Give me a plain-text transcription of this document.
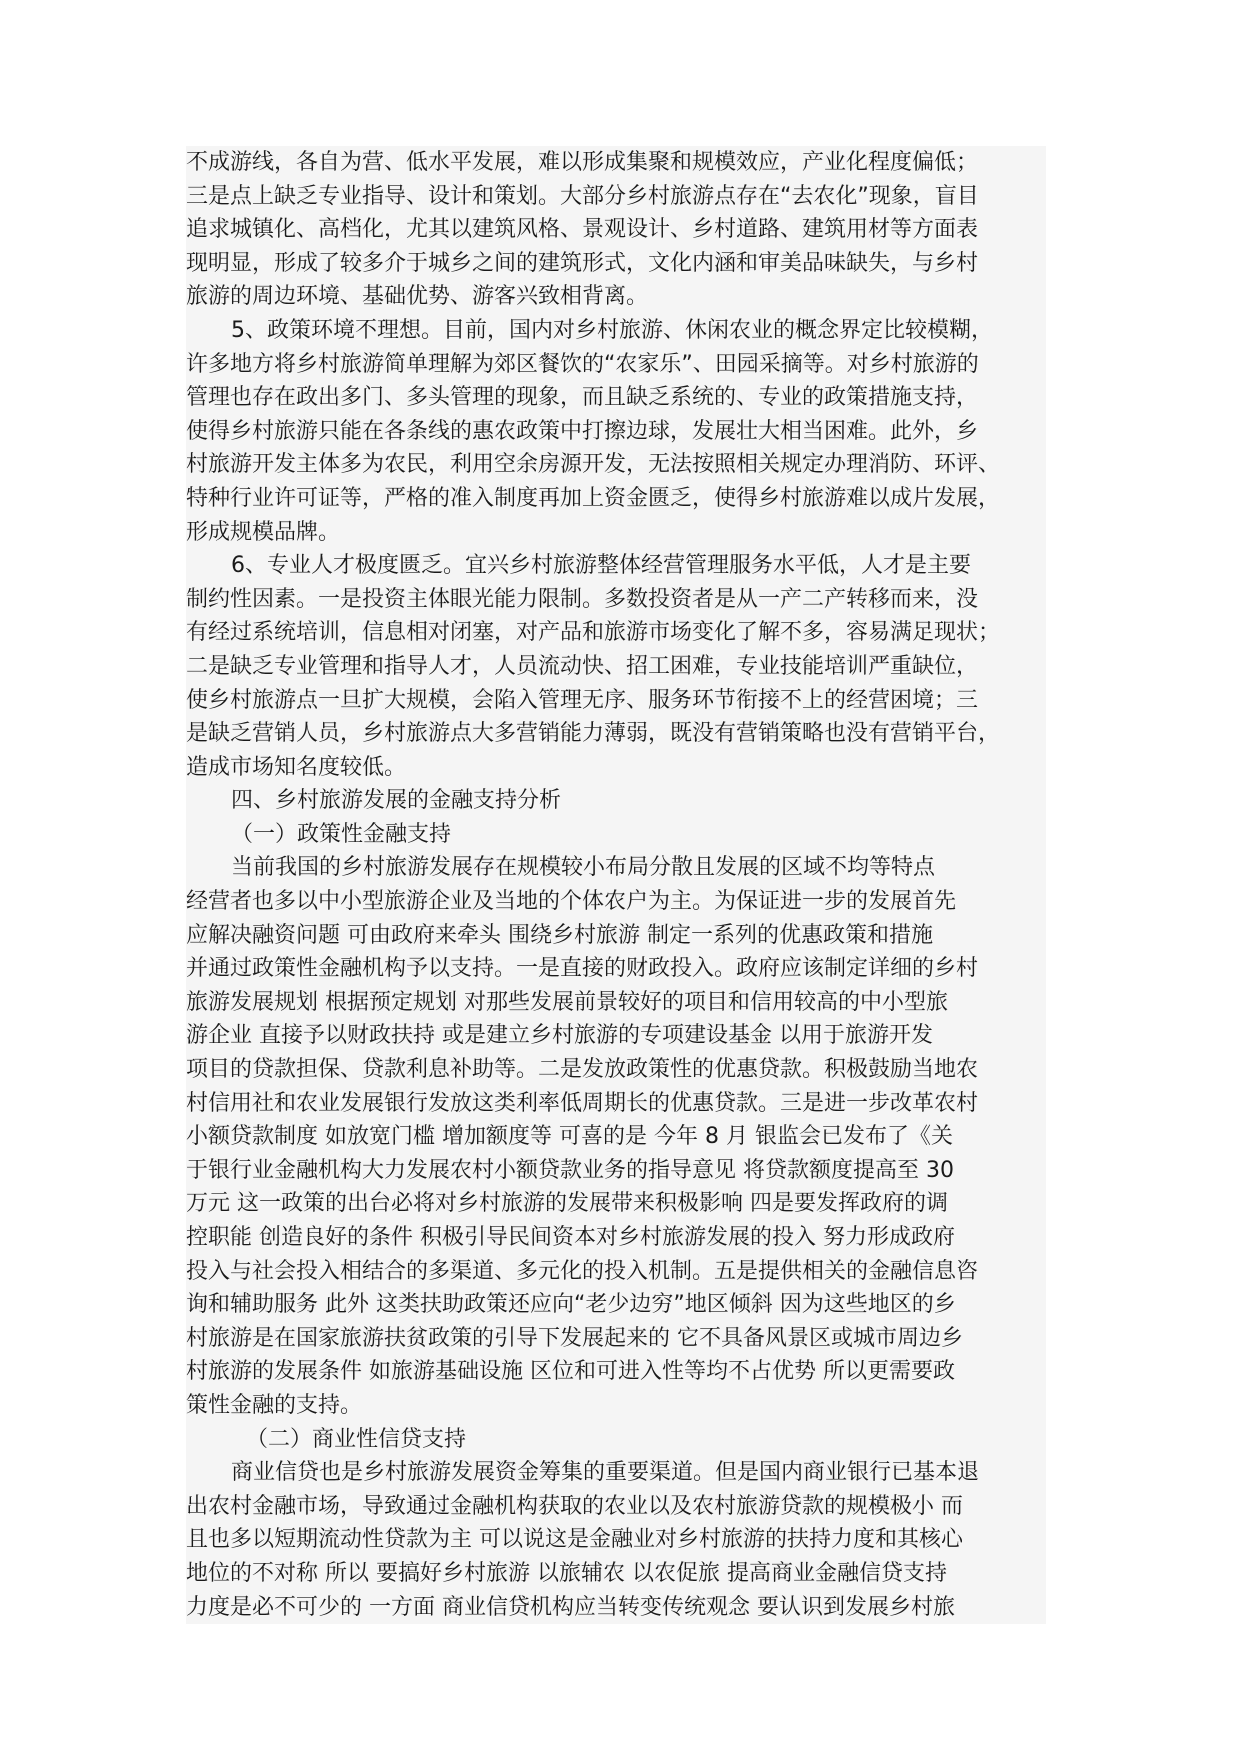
不成游线，各自为营、低水平发展，难以形成集聚和规模效应，产业化程度偏低；
三是点上缺乏专业指导、设计和策划。大部分乡村旅游点存在“去农化”现象，盲目
追求城镇化、高档化，尤其以建筑风格、景观设计、乡村道路、建筑用材等方面表
现明显，形成了较多介于城乡之间的建筑形式，文化内涵和审美品味缺失，与乡村
旅游的周边环境、基础优势、游客兴致相背离。
5、政策环境不理想。目前，国内对乡村旅游、休闲农业的概念界定比较模糊，
许多地方将乡村旅游简单理解为郊区餐饮的“农家乐”、田园采摘等。对乡村旅游的
管理也存在政出多门、多头管理的现象，而且缺乏系统的、专业的政策措施支持，
使得乡村旅游只能在各条线的惠农政策中打擦边球，发展壮大相当困难。此外，乡
村旅游开发主体多为农民，利用空余房源开发，无法按照相关规定办理消防、环评、
特种行业许可证等，严格的准入制度再加上资金匮乏，使得乡村旅游难以成片发展，
形成规模品牌。
6、专业人才极度匮乏。宜兴乡村旅游整体经营管理服务水平低，人才是主要
制约性因素。一是投资主体眼光能力限制。多数投资者是从一产二产转移而来，没
有经过系统培训，信息相对闭塞，对产品和旅游市场变化了解不多，容易满足现状；
二是缺乏专业管理和指导人才，人员流动快、招工困难，专业技能培训严重缺位，
使乡村旅游点一旦扩大规模，会陷入管理无序、服务环节衔接不上的经营困境；三
是缺乏营销人员，乡村旅游点大多营销能力薄弱，既没有营销策略也没有营销平台，
造成市场知名度较低。
四、乡村旅游发展的金融支持分析
（一）政策性金融支持
当前我国的乡村旅游发展存在规模较小布局分散且发展的区域不均等特点
经营者也多以中小型旅游企业及当地的个体农户为主。为保证进一步的发展首先
应解决融资问题 可由政府来牵头 围绕乡村旅游 制定一系列的优惠政策和措施
并通过政策性金融机构予以支持。一是直接的财政投入。政府应该制定详细的乡村
旅游发展规划 根据预定规划 对那些发展前景较好的项目和信用较高的中小型旅
游企业 直接予以财政扶持 或是建立乡村旅游的专项建设基金 以用于旅游开发
项目的贷款担保、贷款利息补助等。二是发放政策性的优惠贷款。积极鼓励当地农
村信用社和农业发展银行发放这类利率低周期长的优惠贷款。三是进一步改革农村
小额贷款制度 如放宽门槛 增加额度等 可喜的是 今年 8 月 银监会已发布了《关
于银行业金融机构大力发展农村小额贷款业务的指导意见 将贷款额度提高至 30
万元 这一政策的出台必将对乡村旅游的发展带来积极影响 四是要发挥政府的调
控职能 创造良好的条件 积极引导民间资本对乡村旅游发展的投入 努力形成政府
投入与社会投入相结合的多渠道、多元化的投入机制。五是提供相关的金融信息咨
询和辅助服务 此外 这类扶助政策还应向“老少边穷”地区倾斜 因为这些地区的乡
村旅游是在国家旅游扶贫政策的引导下发展起来的 它不具备风景区或城市周边乡
村旅游的发展条件 如旅游基础设施 区位和可进入性等均不占优势 所以更需要政
策性金融的支持。
（二）商业性信贷支持
商业信贷也是乡村旅游发展资金筹集的重要渠道。但是国内商业银行已基本退
出农村金融市场，导致通过金融机构获取的农业以及农村旅游贷款的规模极小 而
且也多以短期流动性贷款为主 可以说这是金融业对乡村旅游的扶持力度和其核心
地位的不对称 所以 要搞好乡村旅游 以旅辅农 以农促旅 提高商业金融信贷支持
力度是必不可少的 一方面 商业信贷机构应当转变传统观念 要认识到发展乡村旅
